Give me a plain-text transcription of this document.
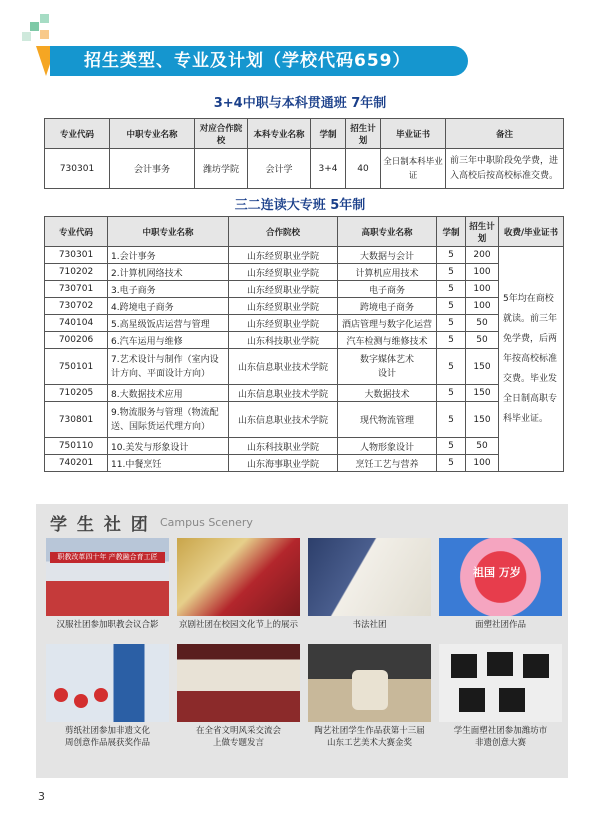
招生类型、专业及计划（学校代码659）
3+4中职与本科贯通班 7年制
专业代码	中职专业名称	对应合作院校	本科专业名称	学制	招生计划	毕业证书	备注
730301	会计事务	潍坊学院	会计学	3+4	40	全日制本科毕业证	前三年中职阶段免学费，进入高校后按高校标准交费。
三二连读大专班 5年制
专业代码	中职专业名称	合作院校	高职专业名称	学制	招生计划	收费/毕业证书
730301	1.会计事务	山东经贸职业学院	大数据与会计	5	200	5年均在商校就读。前三年免学费，后两年按高校标准交费。毕业发全日制高职专科毕业证。
710202	2.计算机网络技术	山东经贸职业学院	计算机应用技术	5	100	
730701	3.电子商务	山东经贸职业学院	电子商务	5	100	
730702	4.跨境电子商务	山东经贸职业学院	跨境电子商务	5	100	
740104	5.高星级饭店运营与管理	山东经贸职业学院	酒店管理与数字化运营	5	50	
700206	6.汽车运用与维修	山东科技职业学院	汽车检测与维修技术	5	50	
750101	7.艺术设计与制作（室内设计方向、平面设计方向）	山东信息职业技术学院	数字媒体艺术设计	5	150	
710205	8.大数据技术应用	山东信息职业技术学院	大数据技术	5	150	
730801	9.物流服务与管理（物流配送、国际货运代理方向）	山东信息职业技术学院	现代物流管理	5	150	
750110	10.美发与形象设计	山东科技职业学院	人物形象设计	5	50	
740201	11.中餐烹饪	山东海事职业学院	烹饪工艺与营养	5	100	
学 生 社 团 Campus Scenery
职教改革四十年 产教融合育工匠
汉服社团参加职教会议合影	京剧社团在校园文化节上的展示	书法社团
祖国 万岁
面塑社团作品
剪纸社团参加非遗文化周创意作品展获奖作品
在全省文明风采交流会上做专题发言
陶艺社团学生作品获第十三届山东工艺美术大赛金奖
学生面塑社团参加潍坊市非遗创意大赛
3
